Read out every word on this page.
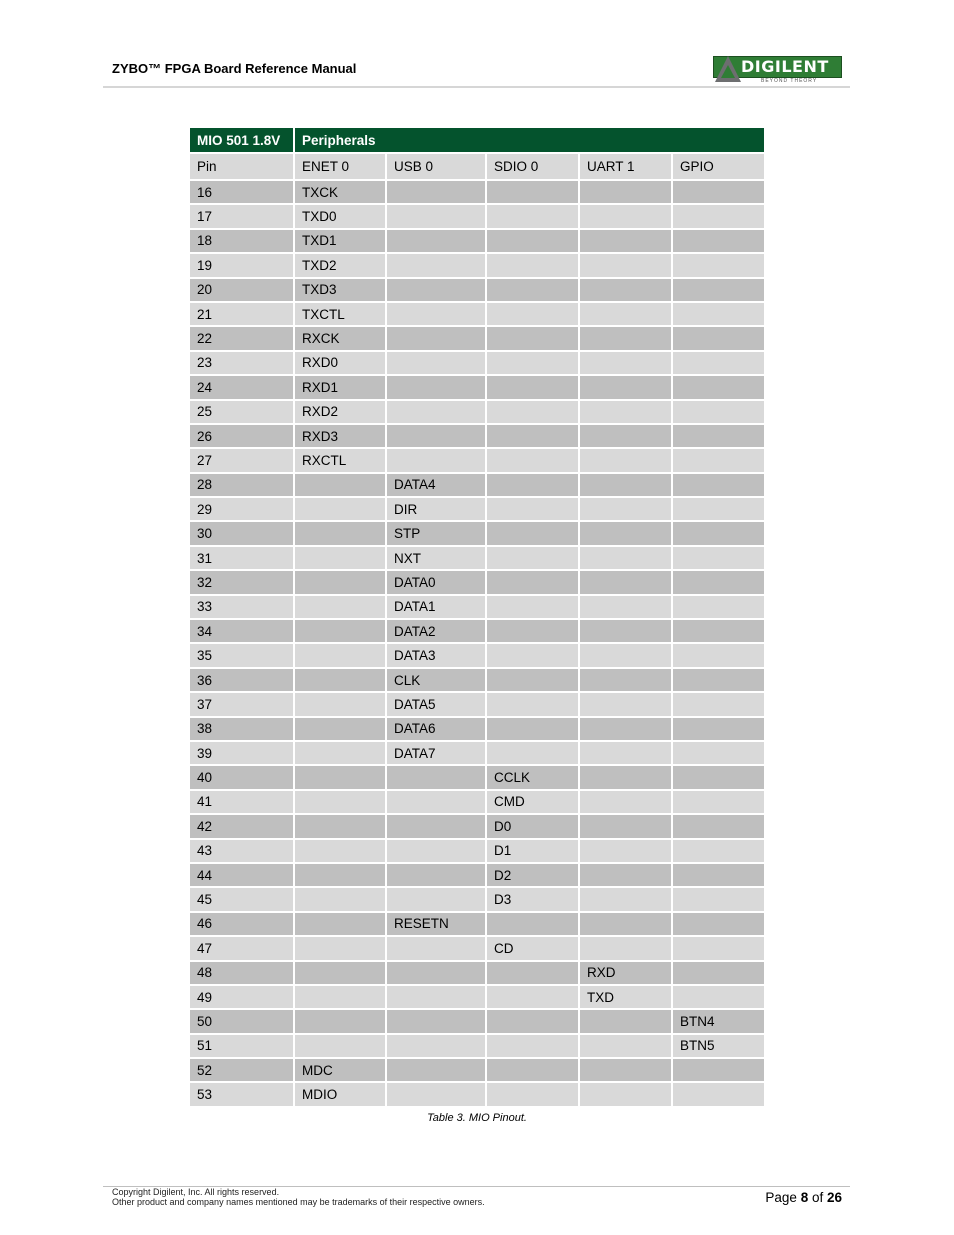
ZYBO™ FPGA Board Reference Manual	DIGILENT
BEYOND THEORY
MIO 501 1.8V	Peripherals				
Pin	ENET 0	USB 0	SDIO 0	UART 1	GPIO
16	TXCK				
17	TXD0				
18	TXD1				
19	TXD2				
20	TXD3				
21	TXCTL				
22	RXCK				
23	RXD0				
24	RXD1				
25	RXD2				
26	RXD3				
27	RXCTL				
28		DATA4			
29		DIR			
30		STP			
31		NXT			
32		DATA0			
33		DATA1			
34		DATA2			
35		DATA3			
36		CLK			
37		DATA5			
38		DATA6			
39		DATA7			
40			CCLK		
41			CMD		
42			D0		
43			D1		
44			D2		
45			D3		
46		RESETN			
47			CD		
48				RXD	
49				TXD	
50					BTN4
51					BTN5
52	MDC				
53	MDIO				
Table 3. MIO Pinout.
Copyright Digilent, Inc. All rights reserved.
Other product and company names mentioned may be trademarks of their respective owners.	Page 8 of 26
